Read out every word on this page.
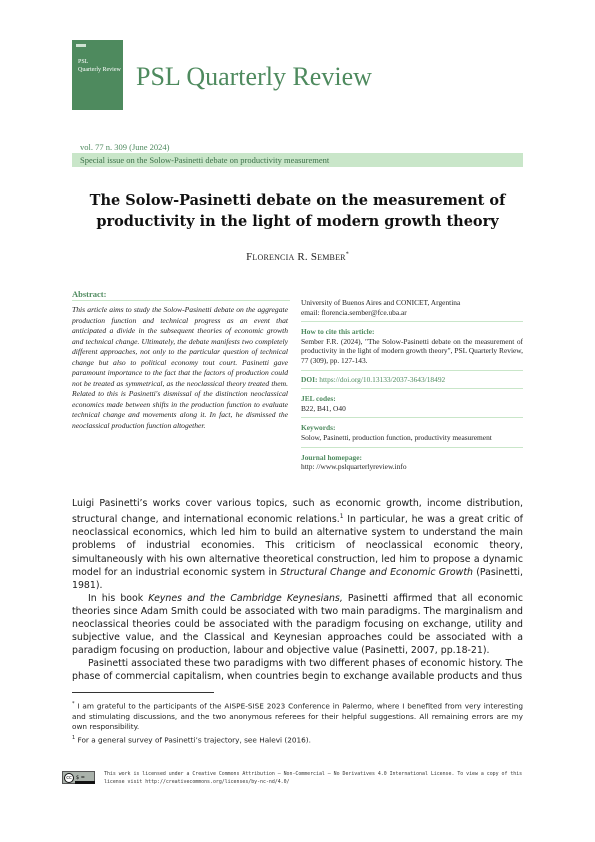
PSL
Quarterly Review PSL Quarterly Review
vol. 77 n. 309 (June 2024)
Special issue on the Solow-Pasinetti debate on productivity measurement
The Solow-Pasinetti debate on the measurement of
productivity in the light of modern growth theory
Florencia R. Sember*
Abstract:
This article aims to study the Solow-Pasinetti debate on the aggregate production function and technical progress as an event that anticipated a divide in the subsequent theories of economic growth and technical change. Ultimately, the debate manifests two completely different approaches, not only to the particular question of technical change but also to political economy tout court. Pasinetti gave paramount importance to the fact that the factors of production could not be treated as symmetrical, as the neoclassical theory treated them. Related to this is Pasinetti's dismissal of the distinction neoclassical economics made between shifts in the production function to evaluate technical change and movements along it. In fact, he dismissed the neoclassical production function altogether.
University of Buenos Aires and CONICET, Argentina
email: florencia.sember@fce.uba.ar
How to cite this article:
Sember F.R. (2024), "The Solow-Pasinetti debate on the measurement of productivity in the light of modern growth theory", PSL Quarterly Review, 77 (309), pp. 127-143.
DOI: https://doi.org/10.13133/2037-3643/18492
JEL codes:
B22, B41, O40
Keywords:
Solow, Pasinetti, production function, productivity measurement
Journal homepage:
http: //www.pslquarterlyreview.info

Luigi Pasinetti’s works cover various topics, such as economic growth, income distribution, structural change, and international economic relations.$^1$ In particular, he was a great critic of neoclassical economics, which led him to build an alternative system to understand the main problems of industrial economies. This criticism of neoclassical economic theory, simultaneously with his own alternative theoretical construction, led him to propose a dynamic model for an industrial economic system in Structural Change and Economic Growth (Pasinetti, 1981).

In his book Keynes and the Cambridge Keynesians, Pasinetti affirmed that all economic theories since Adam Smith could be associated with two main paradigms. The marginalism and neoclassical theories could be associated with the paradigm focusing on exchange, utility and subjective value, and the Classical and Keynesian approaches could be associated with a paradigm focusing on production, labour and objective value (Pasinetti, 2007, pp.18-21).

Pasinetti associated these two paradigms with two different phases of economic history. The phase of commercial capitalism, when countries begin to exchange available products and thus

* I am grateful to the participants of the AISPE-SISE 2023 Conference in Palermo, where I benefited from very interesting and stimulating discussions, and the two anonymous referees for their helpful suggestions. All remaining errors are my own responsibility.
$^1$ For a general survey of Pasinetti’s trajectory, see Halevi (2016).
cc $ =
This work is licensed under a Creative Commons Attribution – Non-Commercial – No Derivatives 4.0 International License. To view a copy of this license visit http://creativecommons.org/licenses/by-nc-nd/4.0/
